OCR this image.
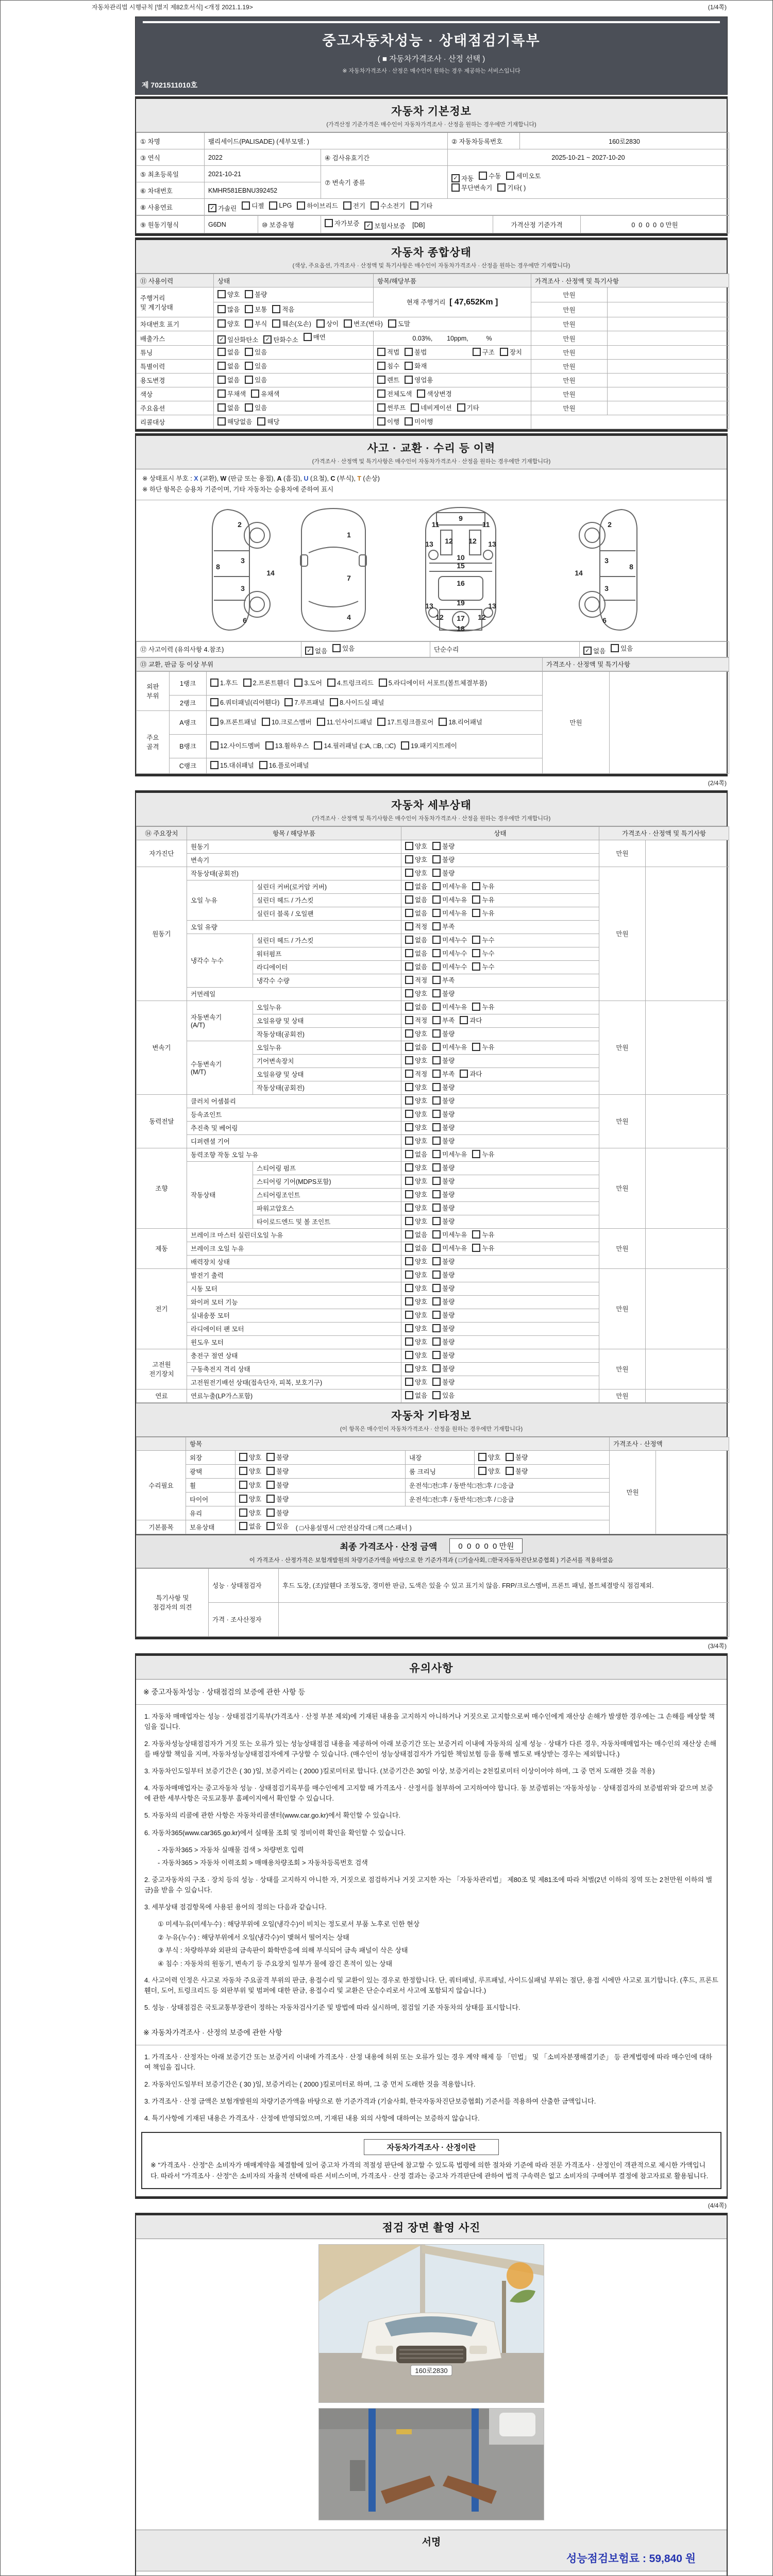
자동차관리법 시행규칙 [별지 제82호서식] <개정 2021.1.19>	(1/4쪽)
중고자동차성능 · 상태점검기록부
( ■ 자동차가격조사 · 산정 선택 )
※ 자동차가격조사 · 산정은 매수인이 원하는 경우 제공하는 서비스입니다
제 7021511010호
자동차 기본정보
(가격산정 기준가격은 매수인이 자동차가격조사 · 산정을 원하는 경우에만 기재합니다)
① 차명	팰리세이드(PALISADE) (세부모델: )		② 자동차등록번호	160로2830
③ 연식	2022	④ 검사유효기간	2025-10-21 ~ 2027-10-20	
⑤ 최초등록일	2021-10-21	⑦ 변속기 종류	
✓ 자동 수동 세미오토
무단변속기 기타( )

⑥ 차대번호	KMHR581EBNU392452			
⑧ 사용연료	✓ 가솔린 디젤 LPG 하이브리드 전기 수소전기 기타
⑨ 원동기형식	G6DN	⑩ 보증유형	자가보증	✓ 보험사보증 [DB]	가격산정 기준가격	0  0  0  0  0 만원
자동차 종합상태
(색상, 주요옵션, 가격조사 · 산정액 및 특기사항은 매수인이 자동차가격조사 · 산정을 원하는 경우에만 기재합니다)
⑪ 사용이력	상태	항목/해당부품	가격조사 · 산정액 및 특기사항	
주행거리
및 계기상태	양호 불량	현재 주행거리 [ 47,652Km ]	만원	

	많음 보통 적음		만원	
차대번호 표기	양호 부식 훼손(오손) 상이 변조(변타) 도말	만원	
배출가스	✓ 일산화탄소 ✓ 탄화수소 매연	0.03%,        10ppm,          %	만원	
튜닝	없음 있음	적법 불법 구조 장치	만원	
특별이력	없음 있음	침수 화재	만원	
용도변경	없음 있음	렌트 영업용	만원	
색상	무채색 유채색	전체도색 색상변경	만원	
주요옵션	없음 있음	썬루프 네비게이션 기타	만원	
리콜대상	해당없음 해당	이행 미이행		

사고 · 교환 · 수리 등 이력
(가격조사 · 산정액 및 특기사항은 매수인이 자동차가격조사 · 산정을 원하는 경우에만 기재합니다)
※ 상태표시 부호 : X (교환), W (판금 또는 용접), A (흠집), U (요철), C (부식), T (손상)
※ 하단 항목은 승용차 기준이며, 기타 자동차는 승용차에 준하여 표시
2
8
3
14
3
6
1
7
4
9
11	11
12 12
13	13
10
15
16
19
13	13
12	12
17
18
2
8
3
14
3
6
⑫ 사고이력 (유의사항 4.참조)	✓ 없음 있음	단순수리	✓ 없음 있음
⑬ 교환, 판금 등 이상 부위	가격조사 · 산정액 및 특기사항
외판
부위	1랭크	1.후드 2.프론트휀더 3.도어 4.트렁크리드 5.라디에이터 서포트(볼트체결부품)	만원	
	2랭크	6.쿼터패널(리어휀다) 7.루프패널 8.사이드실 패널		

주요
골격	A랭크	9.프론트패널 10.크로스멤버 11.인사이드패널 17.트렁크플로어 18.리어패널		

	B랭크	12.사이드멤버 13.휠하우스 14.필러패널 (□A, □B, □C) 19.패키지트레이		

	C랭크	15.대쉬패널 16.플로어패널		
(2/4쪽)
자동차 세부상태
(가격조사 · 산정액 및 특기사항은 매수인이 자동차가격조사 · 산정을 원하는 경우에만 기재합니다)
⑭ 주요장치	항목 / 해당부품		상태	가격조사 · 산정액 및 특기사항	
자가진단	원동기		양호 불량	만원	
	변속기		양호 불량		

원동기	작동상태(공회전)		양호 불량	만원	
	오일 누유	실린더 커버(로커암 커버)	없음 미세누유 누유		

		실린더 헤드 / 가스킷	없음 미세누유 누유		

		실린더 블록 / 오일팬	없음 미세누유 누유		

	오일 유량		적정 부족		

	냉각수 누수	실린더 헤드 / 가스킷	없음 미세누수 누수		

		워터펌프	없음 미세누수 누수		

		라디에이터	없음 미세누수 누수		

		냉각수 수량	적정 부족		

	커먼레일		양호 불량		

변속기	자동변속기
(A/T)	오일누유	없음 미세누유 누유	만원	
		오일유량 및 상태	적정 부족 과다		

		작동상태(공회전)	양호 불량		

	수동변속기
(M/T)	오일누유	없음 미세누유 누유		

		기어변속장치	양호 불량		

		오일유량 및 상태	적정 부족 과다		

		작동상태(공회전)	양호 불량		

동력전달	클러치 어셈블리		양호 불량	만원	
	등속죠인트		양호 불량		

	추진축 및 베어링		양호 불량		

	디퍼렌셜 기어		양호 불량		

조향	동력조향 작동 오일 누유		없음 미세누유 누유	만원	
	작동상태	스티어링 펌프	양호 불량		

		스티어링 기어(MDPS포함)	양호 불량		

		스티어링조인트	양호 불량		

		파워고압호스	양호 불량		

		타이로드엔드 및 볼 조인트	양호 불량		

제동	브레이크 마스터 실린더오일 누유		없음 미세누유 누유	만원	
	브레이크 오일 누유		없음 미세누유 누유		

	배력장치 상태		양호 불량		

전기	발전기 출력		양호 불량	만원	
	시동 모터		양호 불량		

	와이퍼 모터 기능		양호 불량		

	실내송풍 모터		양호 불량		

	라디에이터 팬 모터		양호 불량		

	윈도우 모터		양호 불량		

고전원
전기장치	충전구 절연 상태		양호 불량	만원	
	구동축전지 격리 상태		양호 불량		

	고전원전기배선 상태(접속단자, 피복, 보호기구)		양호 불량		

연료	연료누출(LP가스포함)		없음 있음	만원	
자동차 기타정보
(이 항목은 매수인이 자동차가격조사 · 산정을 원하는 경우에만 기재합니다)
	항목				가격조사 · 산정액	
수리필요	외장	양호 불량	내장	양호 불량	만원	
	광택	양호 불량	룸 크리닝	양호 불량		

	휠	양호 불량	운전석□전□후 / 동반석□전□후 / □응급			
	타이어	양호 불량	운전석□전□후 / 동반석□전□후 / □응급			
	유리	양호 불량				

기본품목	보유상태	없음 있음 ( □사용설명서 □안전삼각대 □잭 □스패너 )				
최종 가격조사 · 산정 금액	0  0  0  0  0 만원
이 가격조사 · 산정가격은 보험개발원의 차량기준가액을 바탕으로 한 기준가격과 ( □기술사회, □한국자동차진단보증협회 ) 기준서를 적용하였음
특기사항 및
점검자의 의견	성능 · 상태점검자	후드 도장, (조)앞휀다 조정도장, 경미한 판금, 도색은 있을 수 있고 표기치 않음. FRP/크로스멤버, 프론트 패널, 볼트체결방식 점검제외.
	가격 · 조사산정자	
(3/4쪽)
유의사항
※ 중고자동차성능 · 상태점검의 보증에 관한 사항 등
1. 자동차 매매업자는 성능 · 상태점검기록부(가격조사 · 산정 부분 제외)에 기재된 내용을 고지하지 아니하거나 거짓으로 고지함으로써 매수인에게 재산상 손해가 발생한 경우에는 그 손해를 배상할 책임을 집니다.
2. 자동차성능상태점검자가 거짓 또는 오류가 있는 성능상태점검 내용을 제공하여 아래 보증기간 또는 보증거리 이내에 자동차의 실제 성능 · 상태가 다른 경우, 자동차매매업자는 매수인의 재산상 손해를 배상할 책임을 지며, 자동차성능상태점검자에게 구상할 수 있습니다. (매수인이 성능상태점검자가 가입한 책임보험 등을 통해 별도로 배상받는 경우는 제외합니다.)
3. 자동차인도일부터 보증기간은 ( 30 )일, 보증거리는 ( 2000 )킬로미터로 합니다. (보증기간은 30일 이상, 보증거리는 2천킬로미터 이상이어야 하며, 그 중 먼저 도래한 것을 적용)
4. 자동차매매업자는 중고자동차 성능 · 상태점검기록부를 매수인에게 고지할 때 가격조사 · 산정서를 첨부하여 고지하여야 합니다. 동 보증범위는 '자동차성능 · 상태점검자의 보증범위'와 같으며 보증에 관한 세부사항은 국토교통부 홈페이지에서 확인할 수 있습니다.
5. 자동차의 리콜에 관한 사항은 자동차리콜센터(www.car.go.kr)에서 확인할 수 있습니다.
6. 자동차365(www.car365.go.kr)에서 실매물 조회 및 정비이력 확인을 확인할 수 있습니다.
- 자동차365 > 자동차 실매물 검색 > 차량번호 입력
- 자동차365 > 자동차 이력조회 > 매매용차량조회 > 자동차등록번호 검색
2. 중고자동차의 구조 · 장치 등의 성능 · 상태를 고지하지 아니한 자, 거짓으로 점검하거나 거짓 고지한 자는 「자동차관리법」 제80조 및 제81조에 따라 처벌(2년 이하의 징역 또는 2천만원 이하의 벌금)을 받을 수 있습니다.
3. 세부상태 점검항목에 사용된 용어의 정의는 다음과 같습니다.
① 미세누유(미세누수) : 해당부위에 오일(냉각수)이 비치는 정도로서 부품 노후로 인한 현상
② 누유(누수) : 해당부위에서 오일(냉각수)이 맺혀서 떨어지는 상태
③ 부식 : 차량하부와 외판의 금속판이 화학반응에 의해 부식되어 금속 패널이 삭은 상태
④ 침수 : 자동차의 원동기, 변속기 등 주요장치 일부가 물에 잠긴 흔적이 있는 상태
4. 사고이력 인정은 사고로 자동차 주요골격 부위의 판금, 용접수리 및 교환이 있는 경우로 한정합니다. 단, 쿼터패널, 루프패널, 사이드실패널 부위는 절단, 용접 시에만 사고로 표기합니다. (후드, 프론트휀더, 도어, 트렁크리드 등 외판부위 및 범퍼에 대한 판금, 용접수리 및 교환은 단순수리로서 사고에 포함되지 않습니다.)
5. 성능 · 상태점검은 국토교통부장관이 정하는 자동차검사기준 및 방법에 따라 실시하며, 점검일 기준 자동차의 상태를 표시합니다.
※ 자동차가격조사 · 산정의 보증에 관한 사항
1. 가격조사 · 산정자는 아래 보증기간 또는 보증거리 이내에 가격조사 · 산정 내용에 허위 또는 오류가 있는 경우 계약 해제 등 「민법」 및 「소비자분쟁해결기준」 등 관계법령에 따라 매수인에 대하여 책임을 집니다.
2. 자동차인도일부터 보증기간은 ( 30 )일, 보증거리는 ( 2000 )킬로미터로 하며, 그 중 먼저 도래한 것을 적용합니다.
3. 가격조사 · 산정 금액은 보험개발원의 차량기준가액을 바탕으로 한 기준가격과 (기술사회, 한국자동차진단보증협회) 기준서를 적용하여 산출한 금액입니다.
4. 특기사항에 기재된 내용은 가격조사 · 산정에 반영되었으며, 기재된 내용 외의 사항에 대하여는 보증하지 않습니다.
자동차가격조사 · 산정이란
※ "가격조사 · 산정"은 소비자가 매매계약을 체결함에 있어 중고차 가격의 적절성 판단에 참고할 수 있도록 법령에 의한 절차와 기준에 따라 전문 가격조사 · 산정인이 객관적으로 제시한 가액입니다. 따라서 "가격조사 · 산정"은 소비자의 자율적 선택에 따른 서비스이며, 가격조사 · 산정 결과는 중고차 가격판단에 관하여 법적 구속력은 없고 소비자의 구매여부 결정에 참고자료로 활용됩니다.
(4/4쪽)
점검 장면 촬영 사진
160로2830
서명
성능점검보험료 : 59,840 원
